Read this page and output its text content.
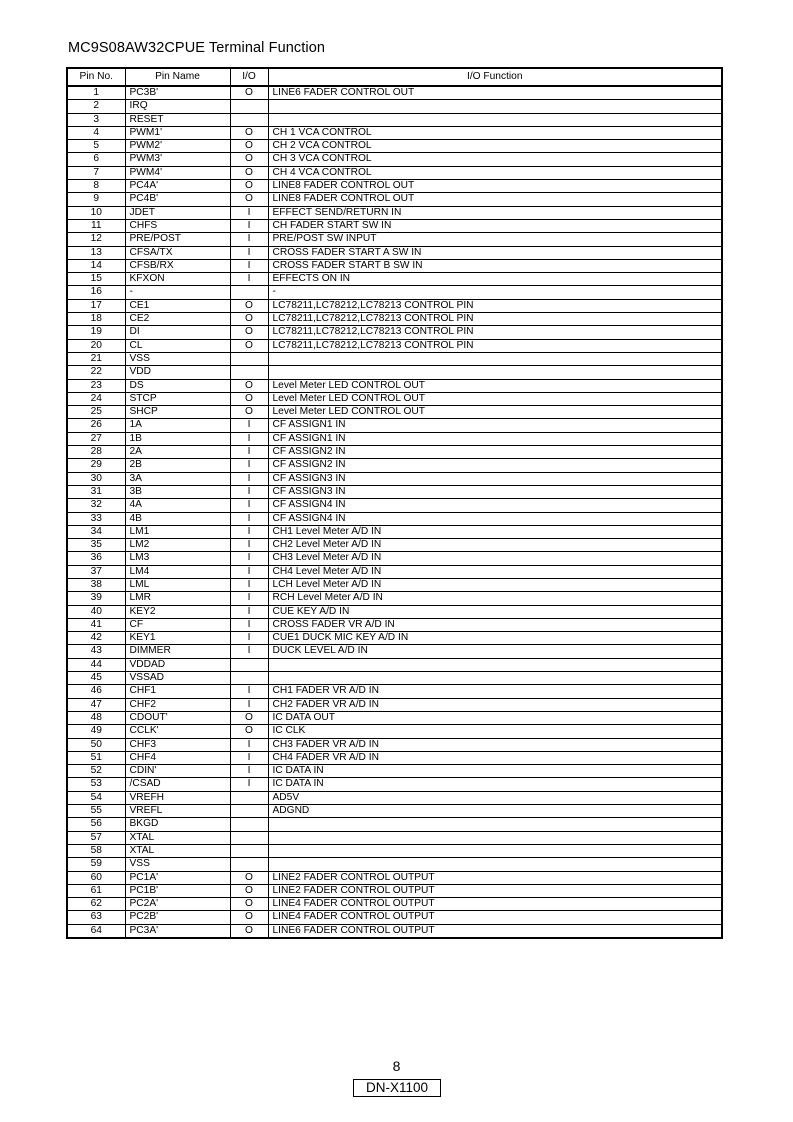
MC9S08AW32CPUE Terminal Function
Pin No.	Pin Name	I/O	I/O Function
1	PC3B'	O	LINE6 FADER CONTROL OUT
2	IRQ		
3	RESET		
4	PWM1'	O	CH 1 VCA CONTROL
5	PWM2'	O	CH 2 VCA CONTROL
6	PWM3'	O	CH 3 VCA CONTROL
7	PWM4'	O	CH 4 VCA CONTROL
8	PC4A'	O	LINE8 FADER CONTROL OUT
9	PC4B'	O	LINE8 FADER CONTROL OUT
10	JDET	I	EFFECT SEND/RETURN IN
11	CHFS	I	CH FADER START SW IN
12	PRE/POST	I	PRE/POST SW INPUT
13	CFSA/TX	I	CROSS FADER START A SW IN
14	CFSB/RX	I	CROSS FADER START B SW IN
15	KFXON	I	EFFECTS ON IN
16	-		-
17	CE1	O	LC78211,LC78212,LC78213 CONTROL PIN
18	CE2	O	LC78211,LC78212,LC78213 CONTROL PIN
19	DI	O	LC78211,LC78212,LC78213 CONTROL PIN
20	CL	O	LC78211,LC78212,LC78213 CONTROL PIN
21	VSS		
22	VDD		
23	DS	O	Level Meter LED CONTROL OUT
24	STCP	O	Level Meter LED CONTROL OUT
25	SHCP	O	Level Meter LED CONTROL OUT
26	1A	I	CF ASSIGN1 IN
27	1B	I	CF ASSIGN1 IN
28	2A	I	CF ASSIGN2 IN
29	2B	I	CF ASSIGN2 IN
30	3A	I	CF ASSIGN3 IN
31	3B	I	CF ASSIGN3 IN
32	4A	I	CF ASSIGN4 IN
33	4B	I	CF ASSIGN4 IN
34	LM1	I	CH1 Level Meter A/D IN
35	LM2	I	CH2 Level Meter A/D IN
36	LM3	I	CH3 Level Meter A/D IN
37	LM4	I	CH4 Level Meter A/D IN
38	LML	I	LCH Level Meter A/D IN
39	LMR	I	RCH Level Meter A/D IN
40	KEY2	I	CUE KEY A/D IN
41	CF	I	CROSS FADER VR A/D IN
42	KEY1	I	CUE1 DUCK MIC KEY A/D IN
43	DIMMER	I	DUCK LEVEL A/D IN
44	VDDAD		
45	VSSAD		
46	CHF1	I	CH1 FADER VR A/D IN
47	CHF2	I	CH2 FADER VR A/D IN
48	CDOUT'	O	IC DATA OUT
49	CCLK'	O	IC CLK
50	CHF3	I	CH3 FADER VR A/D IN
51	CHF4	I	CH4 FADER VR A/D IN
52	CDIN'	I	IC DATA IN
53	/CSAD	I	IC DATA IN
54	VREFH		AD5V
55	VREFL		ADGND
56	BKGD		
57	XTAL		
58	XTAL		
59	VSS		
60	PC1A'	O	LINE2 FADER CONTROL OUTPUT
61	PC1B'	O	LINE2 FADER CONTROL OUTPUT
62	PC2A'	O	LINE4 FADER CONTROL OUTPUT
63	PC2B'	O	LINE4 FADER CONTROL OUTPUT
64	PC3A'	O	LINE6 FADER CONTROL OUTPUT
8
DN-X1100
